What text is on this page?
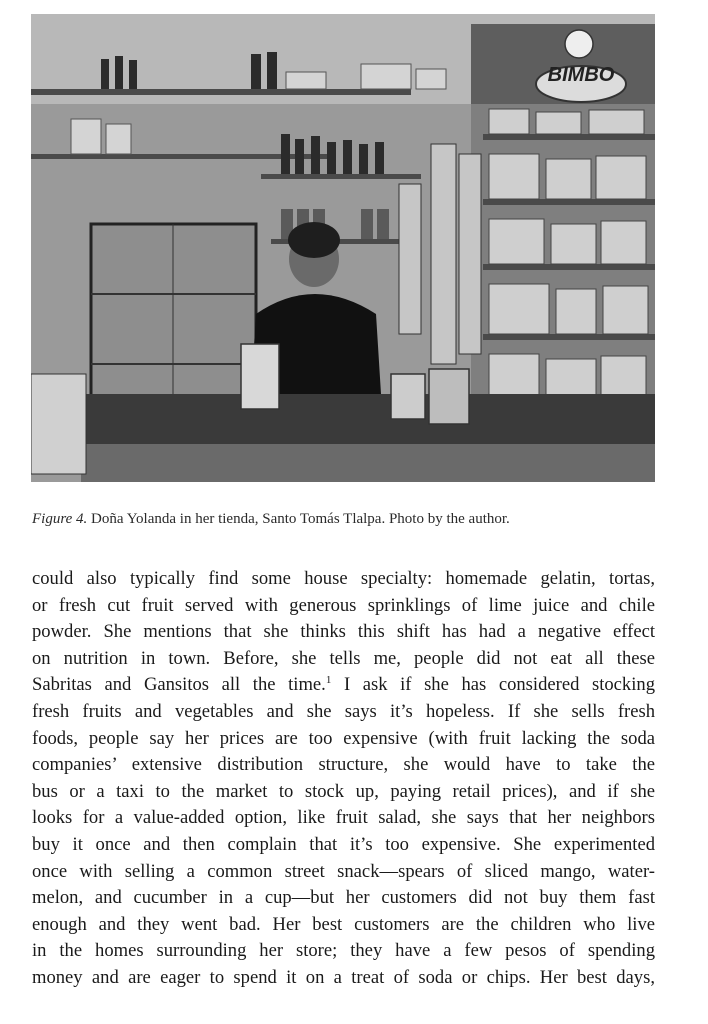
BIMBO
Figure 4. Doña Yolanda in her tienda, Santo Tomás Tlalpa. Photo by the author.
could also typically find some house specialty: homemade gelatin, tortas,
or fresh cut fruit served with generous sprinklings of lime juice and chile
powder. She mentions that she thinks this shift has had a negative effect
on nutrition in town. Before, she tells me, people did not eat all these
Sabritas and Gansitos all the time.$^1$ I ask if she has considered stocking
fresh fruits and vegetables and she says it’s hopeless. If she sells fresh
foods, people say her prices are too expensive (with fruit lacking the soda
companies’ extensive distribution structure, she would have to take the
bus or a taxi to the market to stock up, paying retail prices), and if she
looks for a value-added option, like fruit salad, she says that her neighbors
buy it once and then complain that it’s too expensive. She experimented
once with selling a common street snack—spears of sliced mango, water-
melon, and cucumber in a cup—but her customers did not buy them fast
enough and they went bad. Her best customers are the children who live
in the homes surrounding her store; they have a few pesos of spending
money and are eager to spend it on a treat of soda or chips. Her best days,
